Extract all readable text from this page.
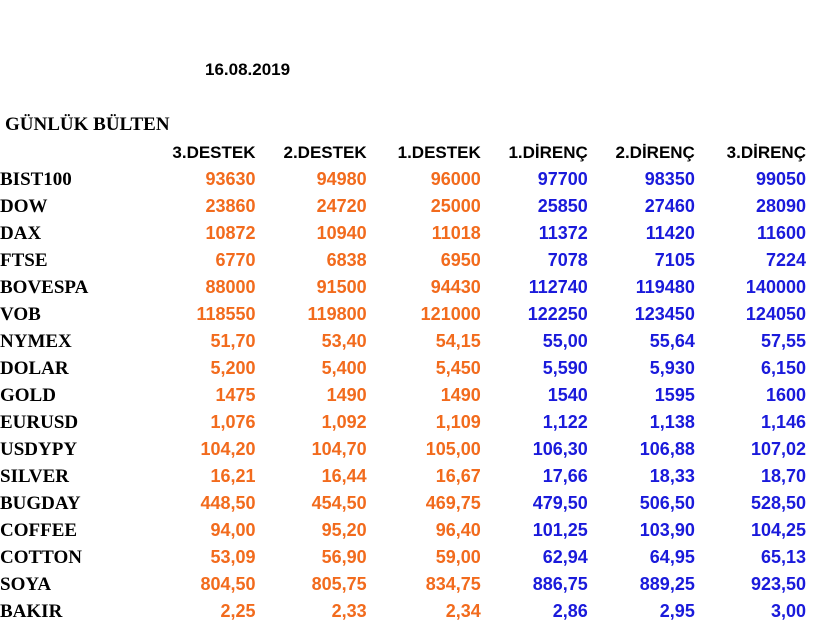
16.08.2019
GÜNLÜK BÜLTEN
	3.DESTEK	2.DESTEK	1.DESTEK	1.DİRENÇ	2.DİRENÇ	3.DİRENÇ
BIST100	93630	94980	96000	97700	98350	99050
DOW	23860	24720	25000	25850	27460	28090
DAX	10872	10940	11018	11372	11420	11600
FTSE	6770	6838	6950	7078	7105	7224
BOVESPA	88000	91500	94430	112740	119480	140000
VOB	118550	119800	121000	122250	123450	124050
NYMEX	51,70	53,40	54,15	55,00	55,64	57,55
DOLAR	5,200	5,400	5,450	5,590	5,930	6,150
GOLD	1475	1490	1490	1540	1595	1600
EURUSD	1,076	1,092	1,109	1,122	1,138	1,146
USDYPY	104,20	104,70	105,00	106,30	106,88	107,02
SILVER	16,21	16,44	16,67	17,66	18,33	18,70
BUGDAY	448,50	454,50	469,75	479,50	506,50	528,50
COFFEE	94,00	95,20	96,40	101,25	103,90	104,25
COTTON	53,09	56,90	59,00	62,94	64,95	65,13
SOYA	804,50	805,75	834,75	886,75	889,25	923,50
BAKIR	2,25	2,33	2,34	2,86	2,95	3,00
